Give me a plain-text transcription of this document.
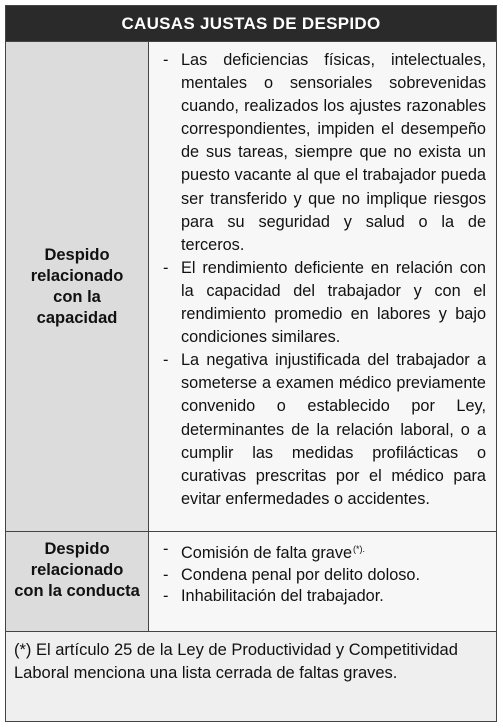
CAUSAS JUSTAS DE DESPIDO
Despido relacionado con la capacidad
- Las deficiencias físicas, intelectuales, mentales o sensoriales sobrevenidas cuando, realizados los ajustes razonables correspondientes, impiden el desempeño de sus tareas, siempre que no exista un puesto vacante al que el trabajador pueda ser transferido y que no implique riesgos para su seguridad y salud o la de terceros.
- El rendimiento deficiente en relación con la capacidad del trabajador y con el rendimiento promedio en labores y bajo condiciones similares.
- La negativa injustificada del trabajador a someterse a examen médico previamente convenido o establecido por Ley, determinantes de la relación laboral, o a cumplir las medidas profilácticas o curativas prescritas por el médico para evitar enfermedades o accidentes.
Despido relacionado con la conducta
- Comisión de falta grave(*).
- Condena penal por delito doloso.
- Inhabilitación del trabajador.
(*) El artículo 25 de la Ley de Productividad y Competitividad Laboral menciona una lista cerrada de faltas graves.
